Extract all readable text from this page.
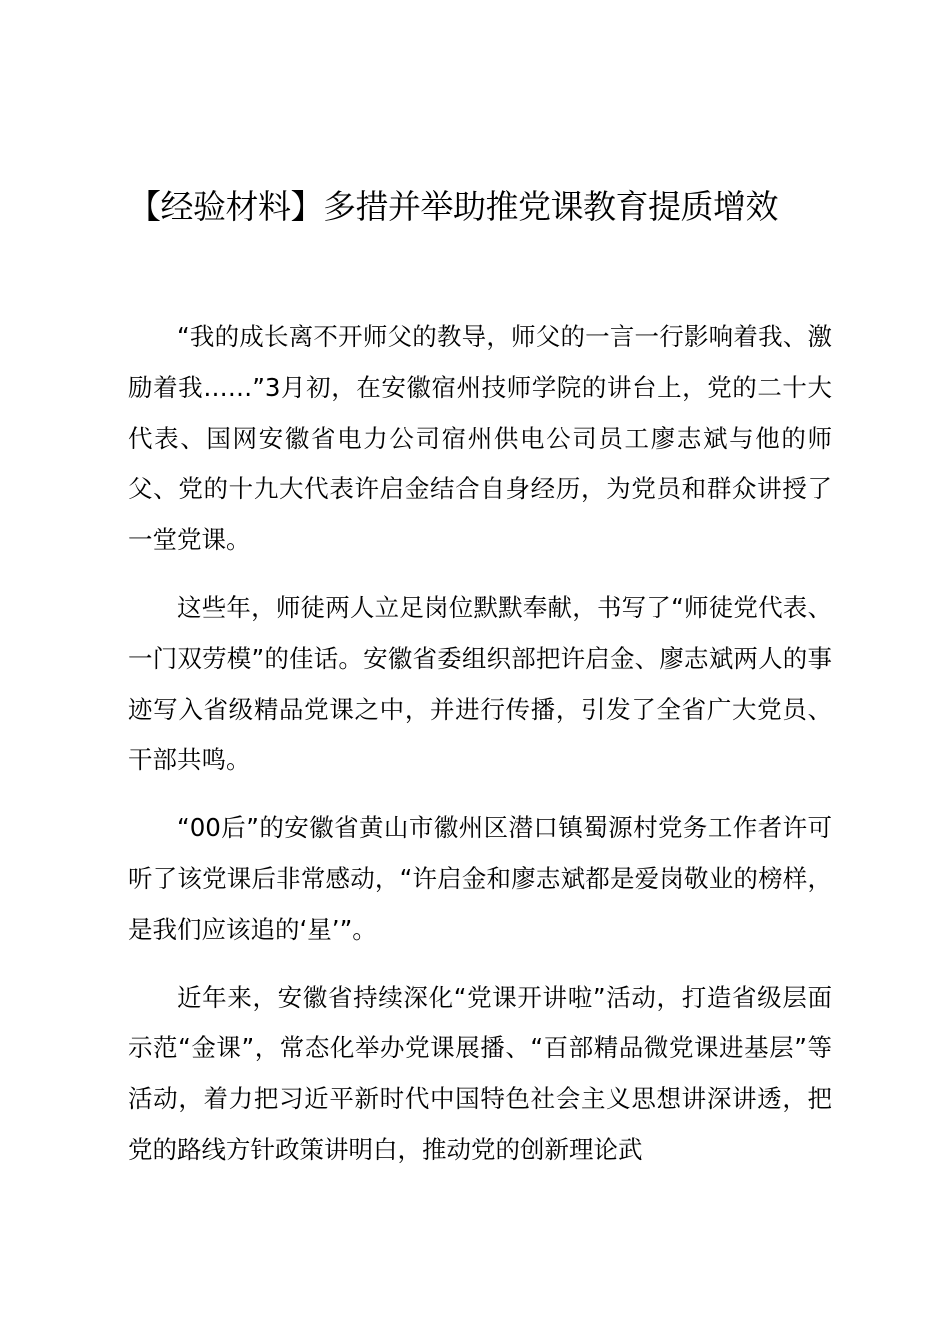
【经验材料】多措并举助推党课教育提质增效

“我的成长离不开师父的教导，师父的一言一行影响着我、激励着我……”3月初，在安徽宿州技师学院的讲台上，党的二十大代表、国网安徽省电力公司宿州供电公司员工廖志斌与他的师父、党的十九大代表许启金结合自身经历，为党员和群众讲授了一堂党课。

这些年，师徒两人立足岗位默默奉献，书写了“师徒党代表、一门双劳模”的佳话。安徽省委组织部把许启金、廖志斌两人的事迹写入省级精品党课之中，并进行传播，引发了全省广大党员、干部共鸣。

“00后”的安徽省黄山市徽州区潜口镇蜀源村党务工作者许可听了该党课后非常感动，“许启金和廖志斌都是爱岗敬业的榜样，是我们应该追的‘星’”。

近年来，安徽省持续深化“党课开讲啦”活动，打造省级层面示范“金课”，常态化举办党课展播、“百部精品微党课进基层”等活动，着力把习近平新时代中国特色社会主义思想讲深讲透，把党的路线方针政策讲明白，推动党的创新理论武
